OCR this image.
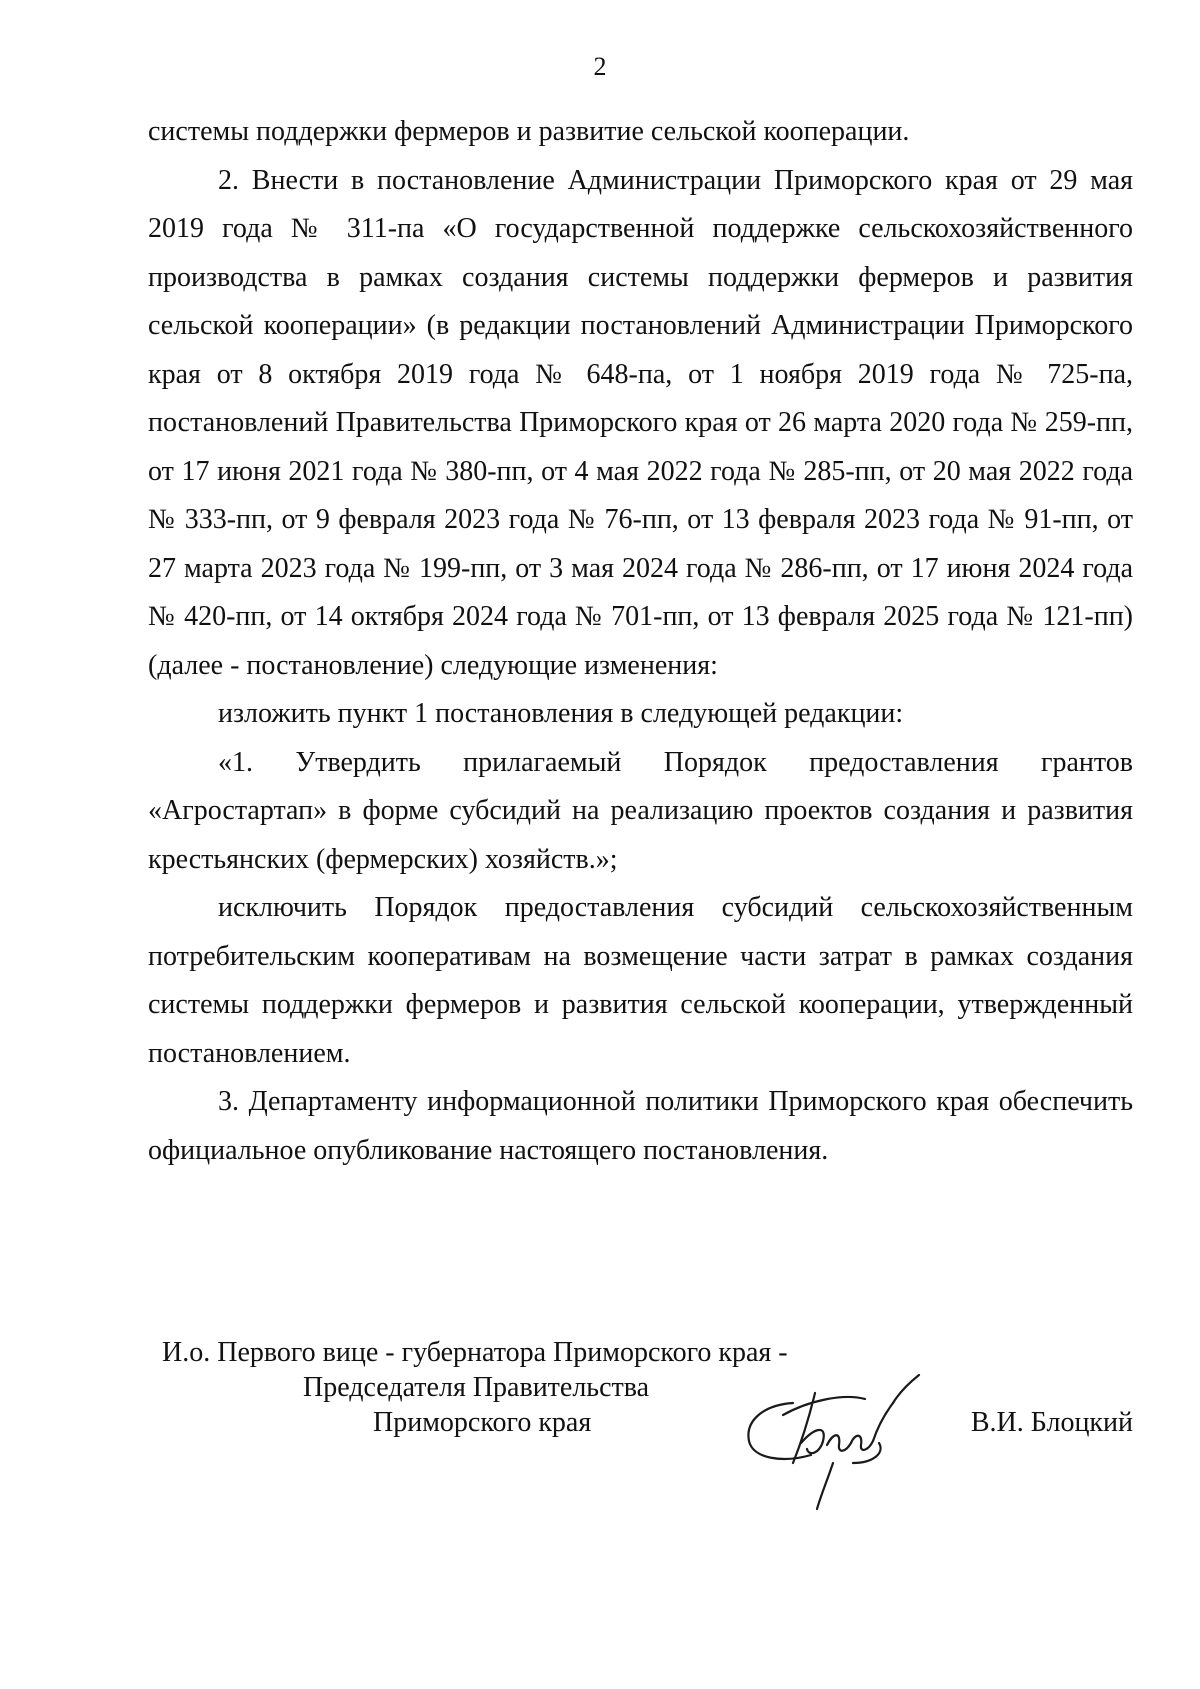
2

системы поддержки фермеров и развитие сельской кооперации.

2. Внести в постановление Администрации Приморского края от 29 мая 2019 года № 311-па «О государственной поддержке сельскохозяйственного производства в рамках создания системы поддержки фермеров и развития сельской кооперации» (в редакции постановлений Администрации Приморского края от 8 октября 2019 года № 648-па, от 1 ноября 2019 года № 725-па, постановлений Правительства Приморского края от 26 марта 2020 года № 259-пп, от 17 июня 2021 года № 380-пп, от 4 мая 2022 года № 285-пп, от 20 мая 2022 года № 333-пп, от 9 февраля 2023 года № 76-пп, от 13 февраля 2023 года № 91-пп, от 27 марта 2023 года № 199-пп, от 3 мая 2024 года № 286-пп, от 17 июня 2024 года № 420-пп, от 14 октября 2024 года № 701-пп, от 13 февраля 2025 года № 121-пп) (далее - постановление) следующие изменения:

изложить пункт 1 постановления в следующей редакции:

«1. Утвердить прилагаемый Порядок предоставления грантов «Агростартап» в форме субсидий на реализацию проектов создания и развития крестьянских (фермерских) хозяйств.»;

исключить Порядок предоставления субсидий сельскохозяйственным потребительским кооперативам на возмещение части затрат в рамках создания системы поддержки фермеров и развития сельской кооперации, утвержденный постановлением.

3. Департаменту информационной политики Приморского края обеспечить официальное опубликование настоящего постановления.

И.о. Первого вице - губернатора Приморского края -
Председателя Правительства
Приморского края	В.И. Блоцкий
